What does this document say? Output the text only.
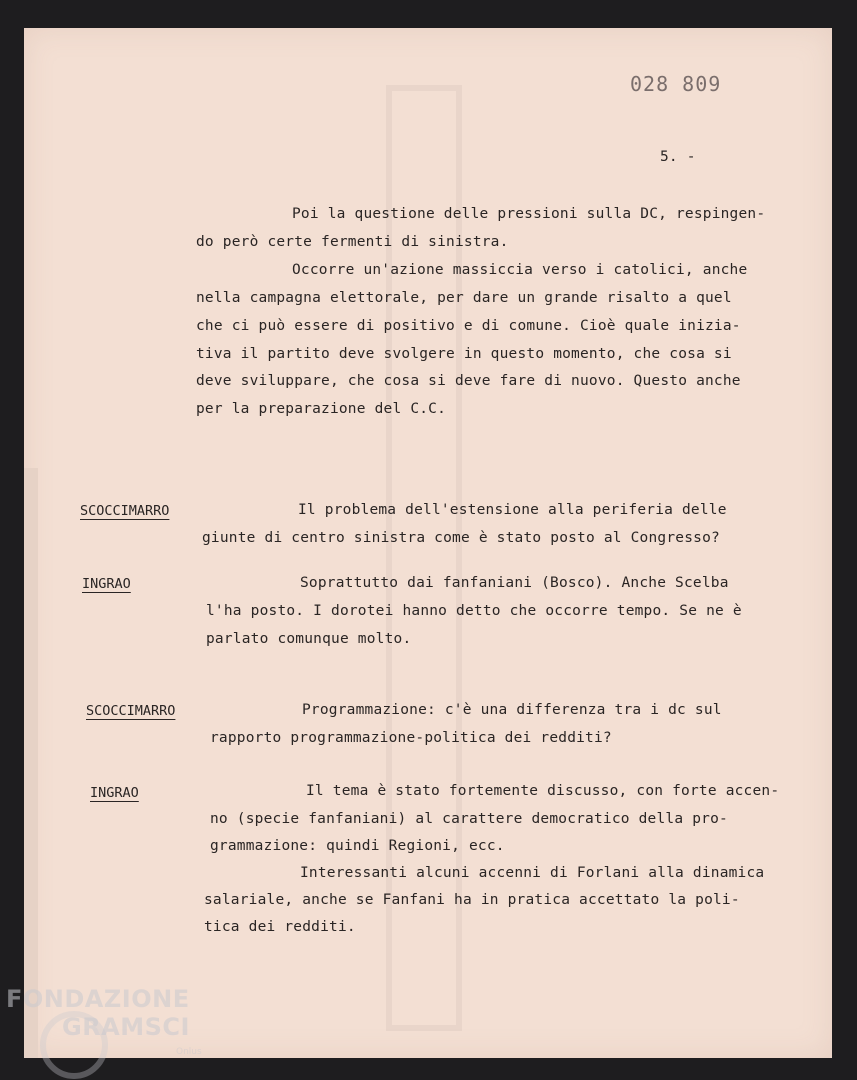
028 809
5. -
Poi la questione delle pressioni sulla DC, respingen-
do però certe fermenti di sinistra.
Occorre un'azione massiccia verso i catolici, anche
nella campagna elettorale, per dare un grande risalto a quel
che ci può essere di positivo e di comune. Cioè quale inizia-
tiva il partito deve svolgere in questo momento, che cosa si
deve sviluppare, che cosa si deve fare di nuovo. Questo anche
per la preparazione del C.C.
SCOCCIMARRO	Il problema dell'estensione alla periferia delle
giunte di centro sinistra come è stato posto al Congresso?
INGRAO	Soprattutto dai fanfaniani (Bosco). Anche Scelba
l'ha posto. I dorotei hanno detto che occorre tempo. Se ne è
parlato comunque molto.
SCOCCIMARRO	Programmazione: c'è una differenza tra i dc sul
rapporto programmazione-politica dei redditi?
INGRAO	Il tema è stato fortemente discusso, con forte accen-
no (specie fanfaniani) al carattere democratico della pro-
grammazione: quindi Regioni, ecc.
Interessanti alcuni accenni di Forlani alla dinamica
salariale, anche se Fanfani ha in pratica accettato la poli-
tica dei redditi.
FONDAZIONE
GRAMSCI
Onlus
